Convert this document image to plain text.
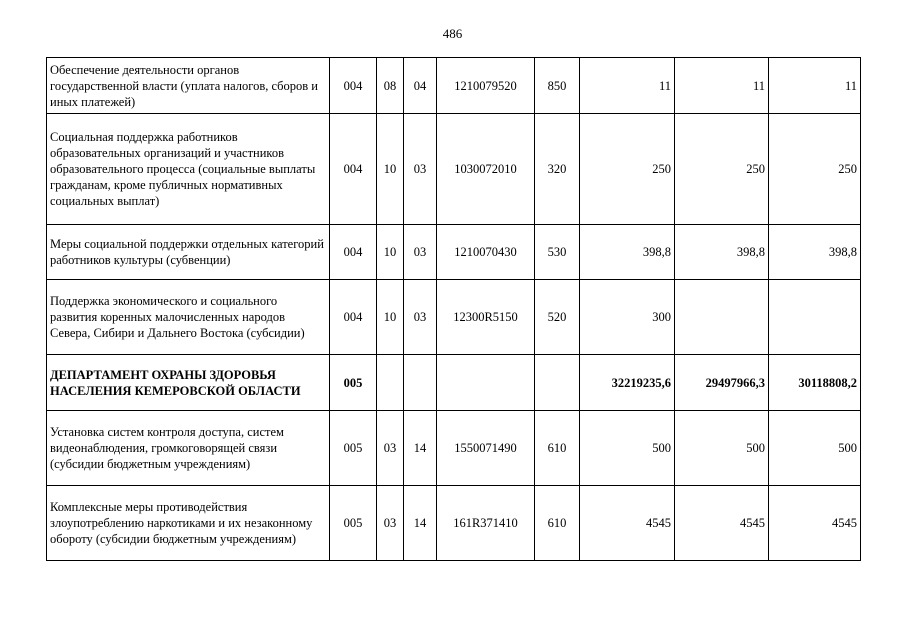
486
Обеспечение деятельности органов государственной власти (уплата налогов, сборов и иных платежей)	004	08	04	1210079520	850	11	11	11
Социальная поддержка работников образовательных организаций и участников образовательного процесса (социальные выплаты гражданам, кроме публичных нормативных социальных выплат)	004	10	03	1030072010	320	250	250	250
Меры социальной поддержки отдельных категорий работников культуры (субвенции)	004	10	03	1210070430	530	398,8	398,8	398,8
Поддержка экономического и социального развития коренных малочисленных народов Севера, Сибири и Дальнего Востока (субсидии)	004	10	03	12300R5150	520	300		
ДЕПАРТАМЕНТ ОХРАНЫ ЗДОРОВЬЯ НАСЕЛЕНИЯ КЕМЕРОВСКОЙ ОБЛАСТИ	005					32219235,6	29497966,3	30118808,2
Установка систем контроля доступа, систем видеонаблюдения, громкоговорящей связи (субсидии бюджетным учреждениям)	005	03	14	1550071490	610	500	500	500
Комплексные меры противодействия злоупотреблению наркотиками и их незаконному обороту (субсидии бюджетным учреждениям)	005	03	14	161R371410	610	4545	4545	4545
